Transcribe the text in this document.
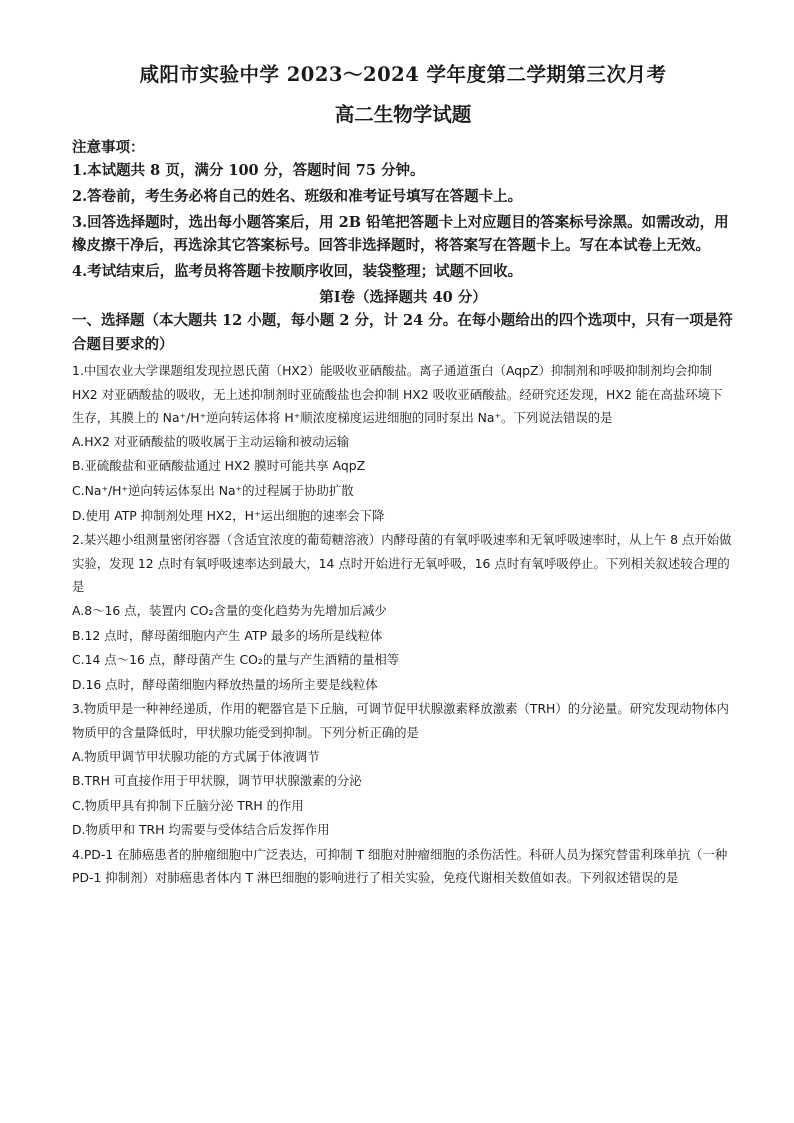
咸阳市实验中学 2023～2024 学年度第二学期第三次月考
高二生物学试题

注意事项：

1.本试题共 8 页，满分 100 分，答题时间 75 分钟。

2.答卷前，考生务必将自己的姓名、班级和准考证号填写在答题卡上。

3.回答选择题时，选出每小题答案后，用 2B 铅笔把答题卡上对应题目的答案标号涂黑。如需改动，用橡皮擦干净后，再选涂其它答案标号。回答非选择题时，将答案写在答题卡上。写在本试卷上无效。

4.考试结束后，监考员将答题卡按顺序收回，装袋整理；试题不回收。

第Ⅰ卷（选择题共 40 分）

一、选择题（本大题共 12 小题，每小题 2 分，计 24 分。在每小题给出的四个选项中，只有一项是符合题目要求的）

1.中国农业大学课题组发现拉恩氏菌（HX2）能吸收亚硒酸盐。离子通道蛋白（AqpZ）抑制剂和呼吸抑制剂均会抑制 HX2 对亚硒酸盐的吸收，无上述抑制剂时亚硫酸盐也会抑制 HX2 吸收亚硒酸盐。经研究还发现，HX2 能在高盐环境下生存，其膜上的 Na⁺/H⁺逆向转运体将 H⁺顺浓度梯度运进细胞的同时泵出 Na⁺。下列说法错误的是

A.HX2 对亚硒酸盐的吸收属于主动运输和被动运输

B.亚硫酸盐和亚硒酸盐通过 HX2 膜时可能共享 AqpZ

C.Na⁺/H⁺逆向转运体泵出 Na⁺的过程属于协助扩散

D.使用 ATP 抑制剂处理 HX2，H⁺运出细胞的速率会下降

2.某兴趣小组测量密闭容器（含适宜浓度的葡萄糖溶液）内酵母菌的有氧呼吸速率和无氧呼吸速率时，从上午 8 点开始做实验，发现 12 点时有氧呼吸速率达到最大，14 点时开始进行无氧呼吸，16 点时有氧呼吸停止。下列相关叙述较合理的是

A.8～16 点，装置内 CO₂含量的变化趋势为先增加后减少

B.12 点时，酵母菌细胞内产生 ATP 最多的场所是线粒体

C.14 点～16 点，酵母菌产生 CO₂的量与产生酒精的量相等

D.16 点时，酵母菌细胞内释放热量的场所主要是线粒体

3.物质甲是一种神经递质，作用的靶器官是下丘脑，可调节促甲状腺激素释放激素（TRH）的分泌量。研究发现动物体内物质甲的含量降低时，甲状腺功能受到抑制。下列分析正确的是

A.物质甲调节甲状腺功能的方式属于体液调节

B.TRH 可直接作用于甲状腺，调节甲状腺激素的分泌

C.物质甲具有抑制下丘脑分泌 TRH 的作用

D.物质甲和 TRH 均需要与受体结合后发挥作用

4.PD-1 在肺癌患者的肿瘤细胞中广泛表达，可抑制 T 细胞对肿瘤细胞的杀伤活性。科研人员为探究替雷利珠单抗（一种 PD-1 抑制剂）对肺癌患者体内 T 淋巴细胞的影响进行了相关实验，免疫代谢相关数值如表。下列叙述错误的是
